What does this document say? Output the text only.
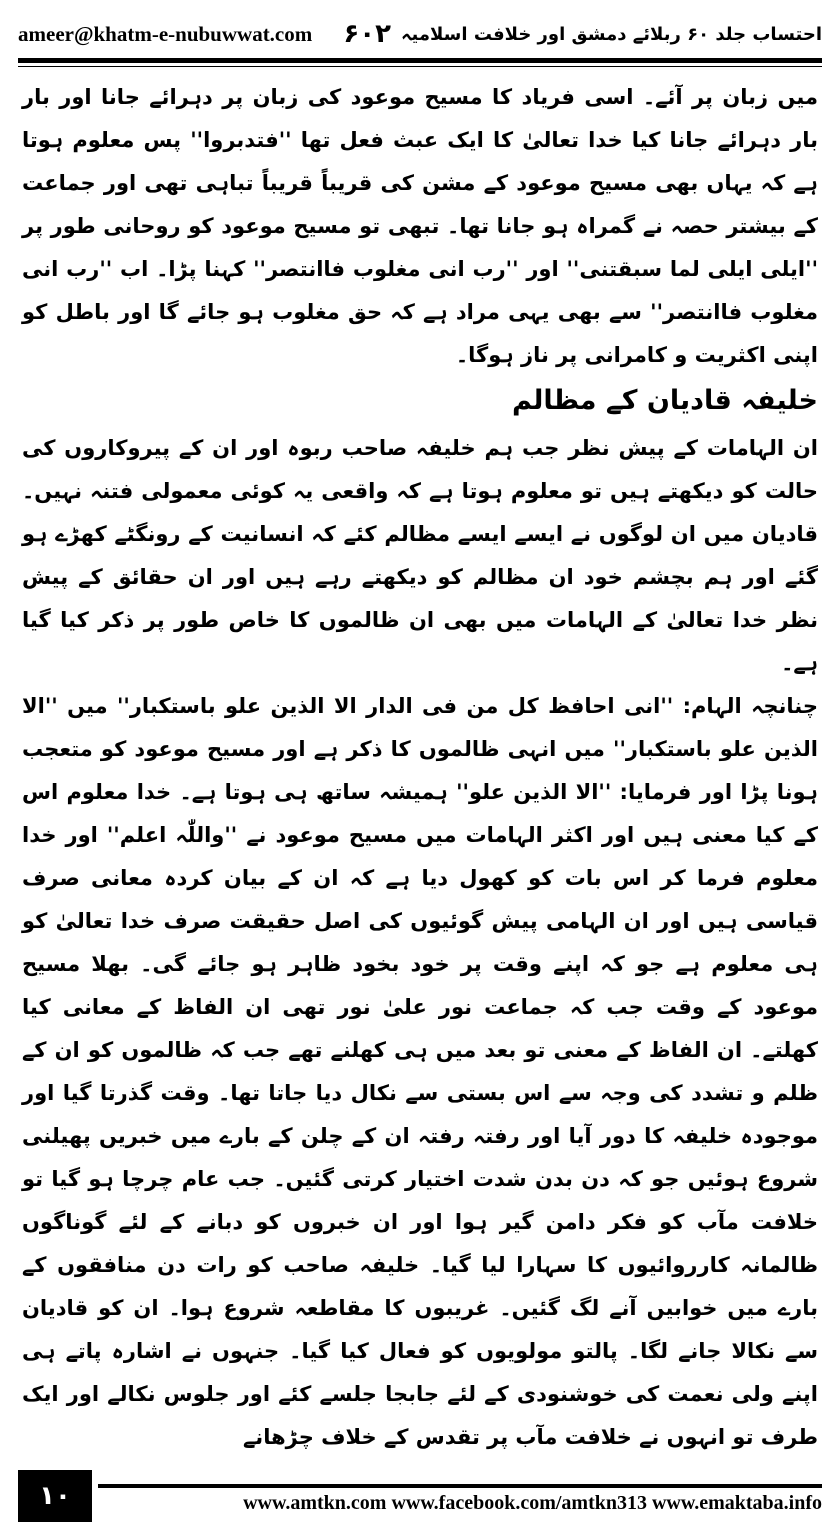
ameer@khatm-e-nubuwwat.com	احتساب جلد ۶۰ ربلائے دمشق اور خلافت اسلامیہ
۶۰۲

میں زبان پر آئے۔ اسی فریاد کا مسیح موعود کی زبان پر دہرائے جانا اور بار بار دہرائے جانا کیا خدا تعالیٰ کا ایک عبث فعل تھا ''فتدبروا'' پس معلوم ہوتا ہے کہ یہاں بھی مسیح موعود کے مشن کی قریباً قریباً تباہی تھی اور جماعت کے بیشتر حصہ نے گمراہ ہو جانا تھا۔ تبھی تو مسیح موعود کو روحانی طور پر ''ایلی ایلی لما سبقتنی'' اور ''رب انی مغلوب فاانتصر'' کہنا پڑا۔ اب ''رب انی مغلوب فاانتصر'' سے بھی یہی مراد ہے کہ حق مغلوب ہو جائے گا اور باطل کو اپنی اکثریت و کامرانی پر ناز ہوگا۔

خلیفہ قادیان کے مظالم

ان الہامات کے پیش نظر جب ہم خلیفہ صاحب ربوہ اور ان کے پیروکاروں کی حالت کو دیکھتے ہیں تو معلوم ہوتا ہے کہ واقعی یہ کوئی معمولی فتنہ نہیں۔ قادیان میں ان لوگوں نے ایسے ایسے مظالم کئے کہ انسانیت کے رونگٹے کھڑے ہو گئے اور ہم بچشم خود ان مظالم کو دیکھتے رہے ہیں اور ان حقائق کے پیش نظر خدا تعالیٰ کے الہامات میں بھی ان ظالموں کا خاص طور پر ذکر کیا گیا ہے۔

چنانچہ الہام: ''انی احافظ کل من فی الدار الا الذین علو باستکبار'' میں ''الا الذین علو باستکبار'' میں انہی ظالموں کا ذکر ہے اور مسیح موعود کو متعجب ہونا پڑا اور فرمایا: ''الا الذین علو'' ہمیشہ ساتھ ہی ہوتا ہے۔ خدا معلوم اس کے کیا معنی ہیں اور اکثر الہامات میں مسیح موعود نے ''واللّٰہ اعلم'' اور خدا معلوم فرما کر اس بات کو کھول دیا ہے کہ ان کے بیان کردہ معانی صرف قیاسی ہیں اور ان الہامی پیش گوئیوں کی اصل حقیقت صرف خدا تعالیٰ کو ہی معلوم ہے جو کہ اپنے وقت پر خود بخود ظاہر ہو جائے گی۔ بھلا مسیح موعود کے وقت جب کہ جماعت نور علیٰ نور تھی ان الفاظ کے معانی کیا کھلتے۔ ان الفاظ کے معنی تو بعد میں ہی کھلنے تھے جب کہ ظالموں کو ان کے ظلم و تشدد کی وجہ سے اس بستی سے نکال دیا جاتا تھا۔ وقت گذرتا گیا اور موجودہ خلیفہ کا دور آیا اور رفتہ رفتہ ان کے چلن کے بارے میں خبریں پھیلنی شروع ہوئیں جو کہ دن بدن شدت اختیار کرتی گئیں۔ جب عام چرچا ہو گیا تو خلافت مآب کو فکر دامن گیر ہوا اور ان خبروں کو دبانے کے لئے گوناگوں ظالمانہ کارروائیوں کا سہارا لیا گیا۔ خلیفہ صاحب کو رات دن منافقوں کے بارے میں خوابیں آنے لگ گئیں۔ غریبوں کا مقاطعہ شروع ہوا۔ ان کو قادیان سے نکالا جانے لگا۔ پالتو مولویوں کو فعال کیا گیا۔ جنہوں نے اشارہ پاتے ہی اپنے ولی نعمت کی خوشنودی کے لئے جابجا جلسے کئے اور جلوس نکالے اور ایک طرف تو انہوں نے خلافت مآب پر تقدس کے خلاف چڑھانے

۱۰	www.amtkn.com www.facebook.com/amtkn313 www.emaktaba.info
